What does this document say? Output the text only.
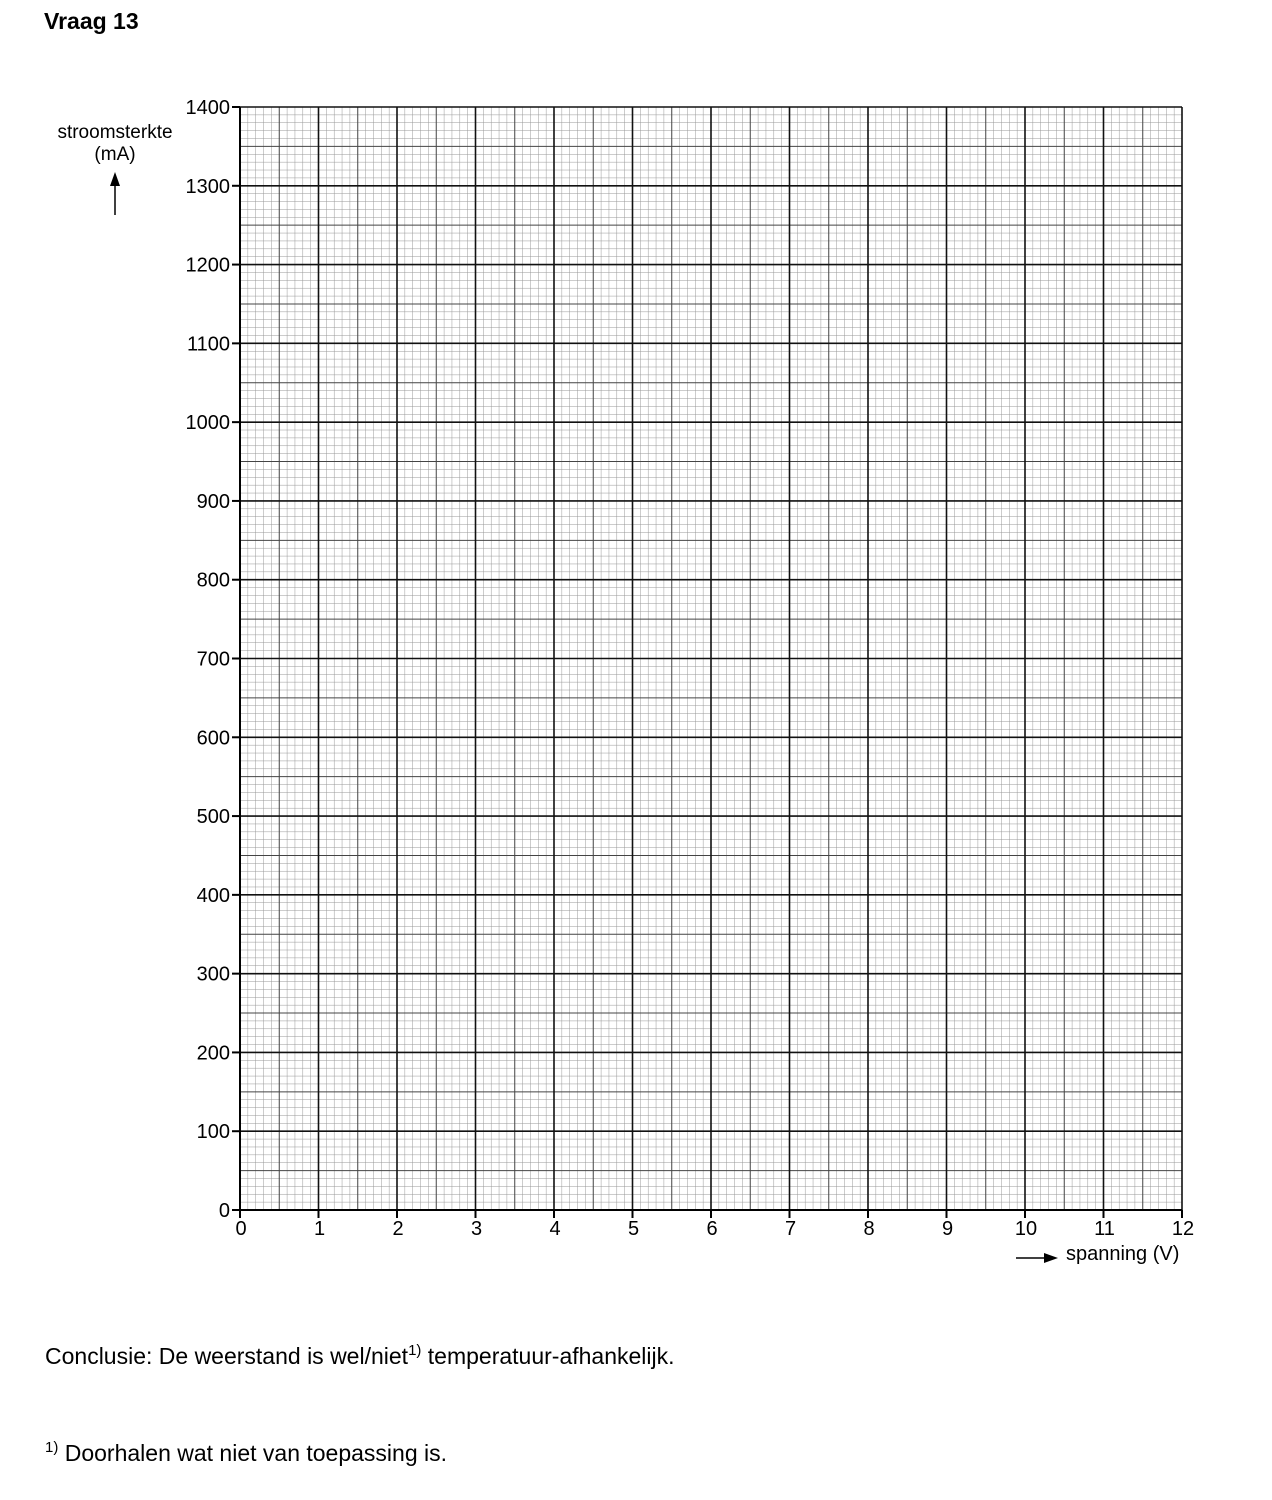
Vraag 13
stroomsterkte
(mA)
0
100
200
300
400
500
600
700
800
900
1000
1100
1200
1300
1400
0	1	2	3	4	5	6	7	8	9	10	11	12
spanning (V)
Conclusie: De weerstand is wel/niet$^{1)}$ temperatuur-afhankelijk.
$^{1)}$ Doorhalen wat niet van toepassing is.
